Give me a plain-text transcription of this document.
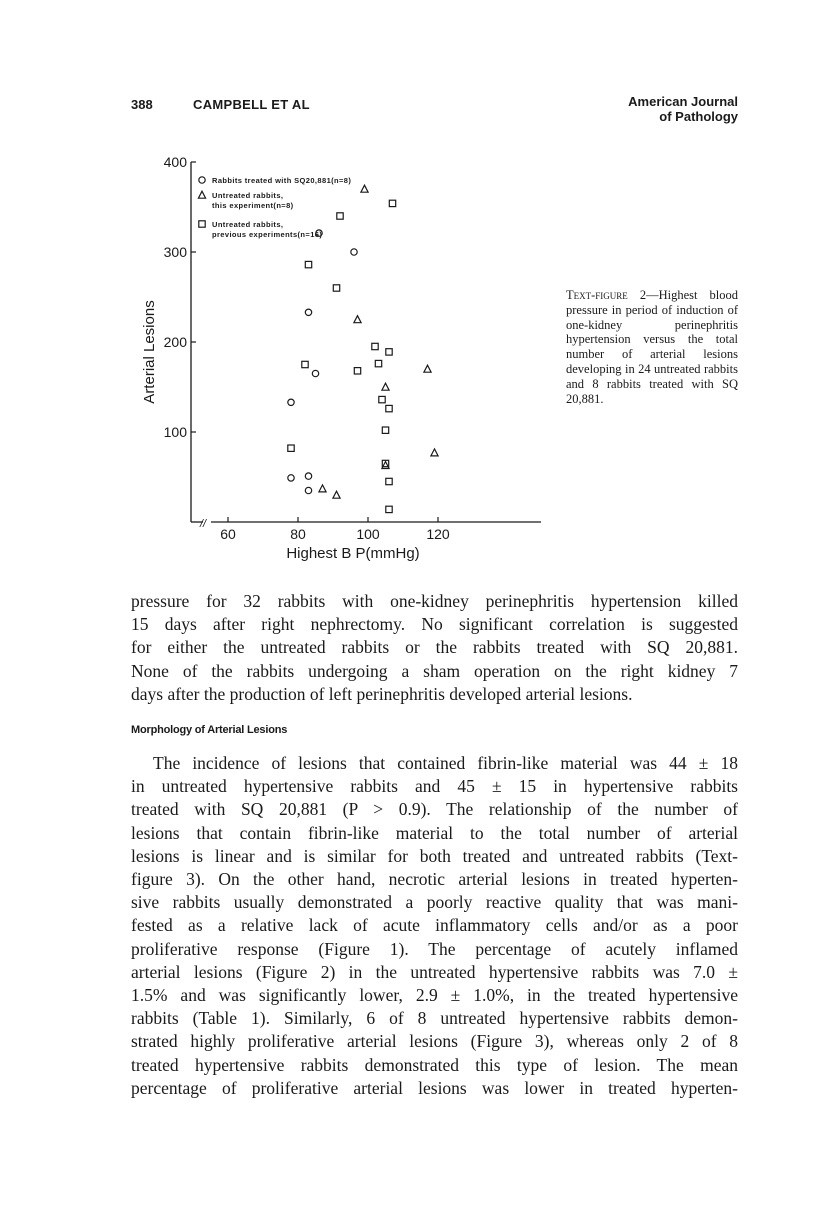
388	CAMPBELL ET AL	American Journal
of Pathology
//
100
200
300
400
60	80	100	120
Highest B P(mmHg)
Arterial Lesions
Rabbits treated with SQ20,881(n=8)
Untreated rabbits,
this experiment(n=8)
Untreated rabbits,
previous experiments(n=16)
Text-figure 2—Highest blood pressure in period of induction of one-kidney perinephritis hypertension versus the total number of arterial lesions developing in 24 untreated rabbits and 8 rabbits treated with SQ 20,881.
pressure for 32 rabbits with one-kidney perinephritis hypertension killed
15 days after right nephrectomy. No significant correlation is suggested
for either the untreated rabbits or the rabbits treated with SQ 20,881.
None of the rabbits undergoing a sham operation on the right kidney 7
days after the production of left perinephritis developed arterial lesions.
Morphology of Arterial Lesions
The incidence of lesions that contained fibrin-like material was 44 ± 18
in untreated hypertensive rabbits and 45 ± 15 in hypertensive rabbits
treated with SQ 20,881 (P > 0.9). The relationship of the number of
lesions that contain fibrin-like material to the total number of arterial
lesions is linear and is similar for both treated and untreated rabbits (Text-
figure 3). On the other hand, necrotic arterial lesions in treated hyperten-
sive rabbits usually demonstrated a poorly reactive quality that was mani-
fested as a relative lack of acute inflammatory cells and/or as a poor
proliferative response (Figure 1). The percentage of acutely inflamed
arterial lesions (Figure 2) in the untreated hypertensive rabbits was 7.0 ±
1.5% and was significantly lower, 2.9 ± 1.0%, in the treated hypertensive
rabbits (Table 1). Similarly, 6 of 8 untreated hypertensive rabbits demon-
strated highly proliferative arterial lesions (Figure 3), whereas only 2 of 8
treated hypertensive rabbits demonstrated this type of lesion. The mean
percentage of proliferative arterial lesions was lower in treated hyperten-
